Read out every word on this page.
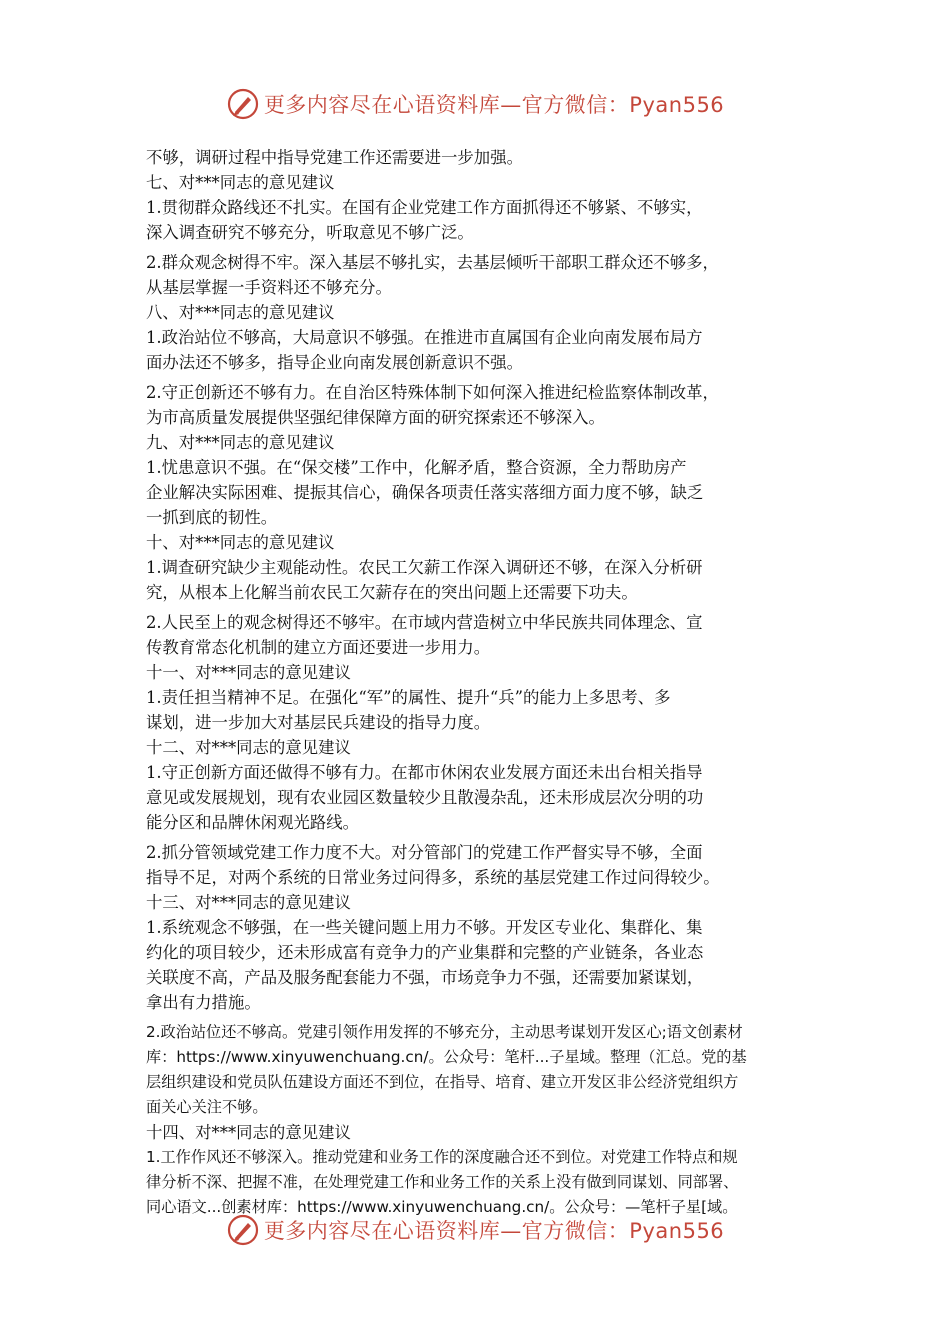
更多内容尽在心语资料库—官方微信：Pyan556
不够，调研过程中指导党建工作还需要进一步加强。
七、对***同志的意见建议
1.贯彻群众路线还不扎实。在国有企业党建工作方面抓得还不够紧、不够实，
深入调查研究不够充分，听取意见不够广泛。
2.群众观念树得不牢。深入基层不够扎实，去基层倾听干部职工群众还不够多，
从基层掌握一手资料还不够充分。
八、对***同志的意见建议
1.政治站位不够高，大局意识不够强。在推进市直属国有企业向南发展布局方
面办法还不够多，指导企业向南发展创新意识不强。
2.守正创新还不够有力。在自治区特殊体制下如何深入推进纪检监察体制改革，
为市高质量发展提供坚强纪律保障方面的研究探索还不够深入。
九、对***同志的意见建议
1.忧患意识不强。在“保交楼”工作中，化解矛盾，整合资源，全力帮助房产
企业解决实际困难、提振其信心，确保各项责任落实落细方面力度不够，缺乏
一抓到底的韧性。
十、对***同志的意见建议
1.调查研究缺少主观能动性。农民工欠薪工作深入调研还不够，在深入分析研
究，从根本上化解当前农民工欠薪存在的突出问题上还需要下功夫。
2.人民至上的观念树得还不够牢。在市域内营造树立中华民族共同体理念、宣
传教育常态化机制的建立方面还要进一步用力。
十一、对***同志的意见建议
1.责任担当精神不足。在强化“军”的属性、提升“兵”的能力上多思考、多
谋划，进一步加大对基层民兵建设的指导力度。
十二、对***同志的意见建议
1.守正创新方面还做得不够有力。在都市休闲农业发展方面还未出台相关指导
意见或发展规划，现有农业园区数量较少且散漫杂乱，还未形成层次分明的功
能分区和品牌休闲观光路线。
2.抓分管领域党建工作力度不大。对分管部门的党建工作严督实导不够，全面
指导不足，对两个系统的日常业务过问得多，系统的基层党建工作过问得较少。
十三、对***同志的意见建议
1.系统观念不够强，在一些关键问题上用力不够。开发区专业化、集群化、集
约化的项目较少，还未形成富有竞争力的产业集群和完整的产业链条，各业态
关联度不高，产品及服务配套能力不强，市场竞争力不强，还需要加紧谋划，
拿出有力措施。
2.政治站位还不够高。党建引领作用发挥的不够充分，主动思考谋划开发区心;语文创素材
库：https://www.xinyuwenchuang.cn/。公众号：笔杆...子星域。整理（汇总。党的基
层组织建设和党员队伍建设方面还不到位，在指导、培育、建立开发区非公经济党组织方
面关心关注不够。
十四、对***同志的意见建议
1.工作作风还不够深入。推动党建和业务工作的深度融合还不到位。对党建工作特点和规
律分析不深、把握不准，在处理党建工作和业务工作的关系上没有做到同谋划、同部署、
同心语文...创素材库：https://www.xinyuwenchuang.cn/。公众号：—笔杆子星[域。
更多内容尽在心语资料库—官方微信：Pyan556
